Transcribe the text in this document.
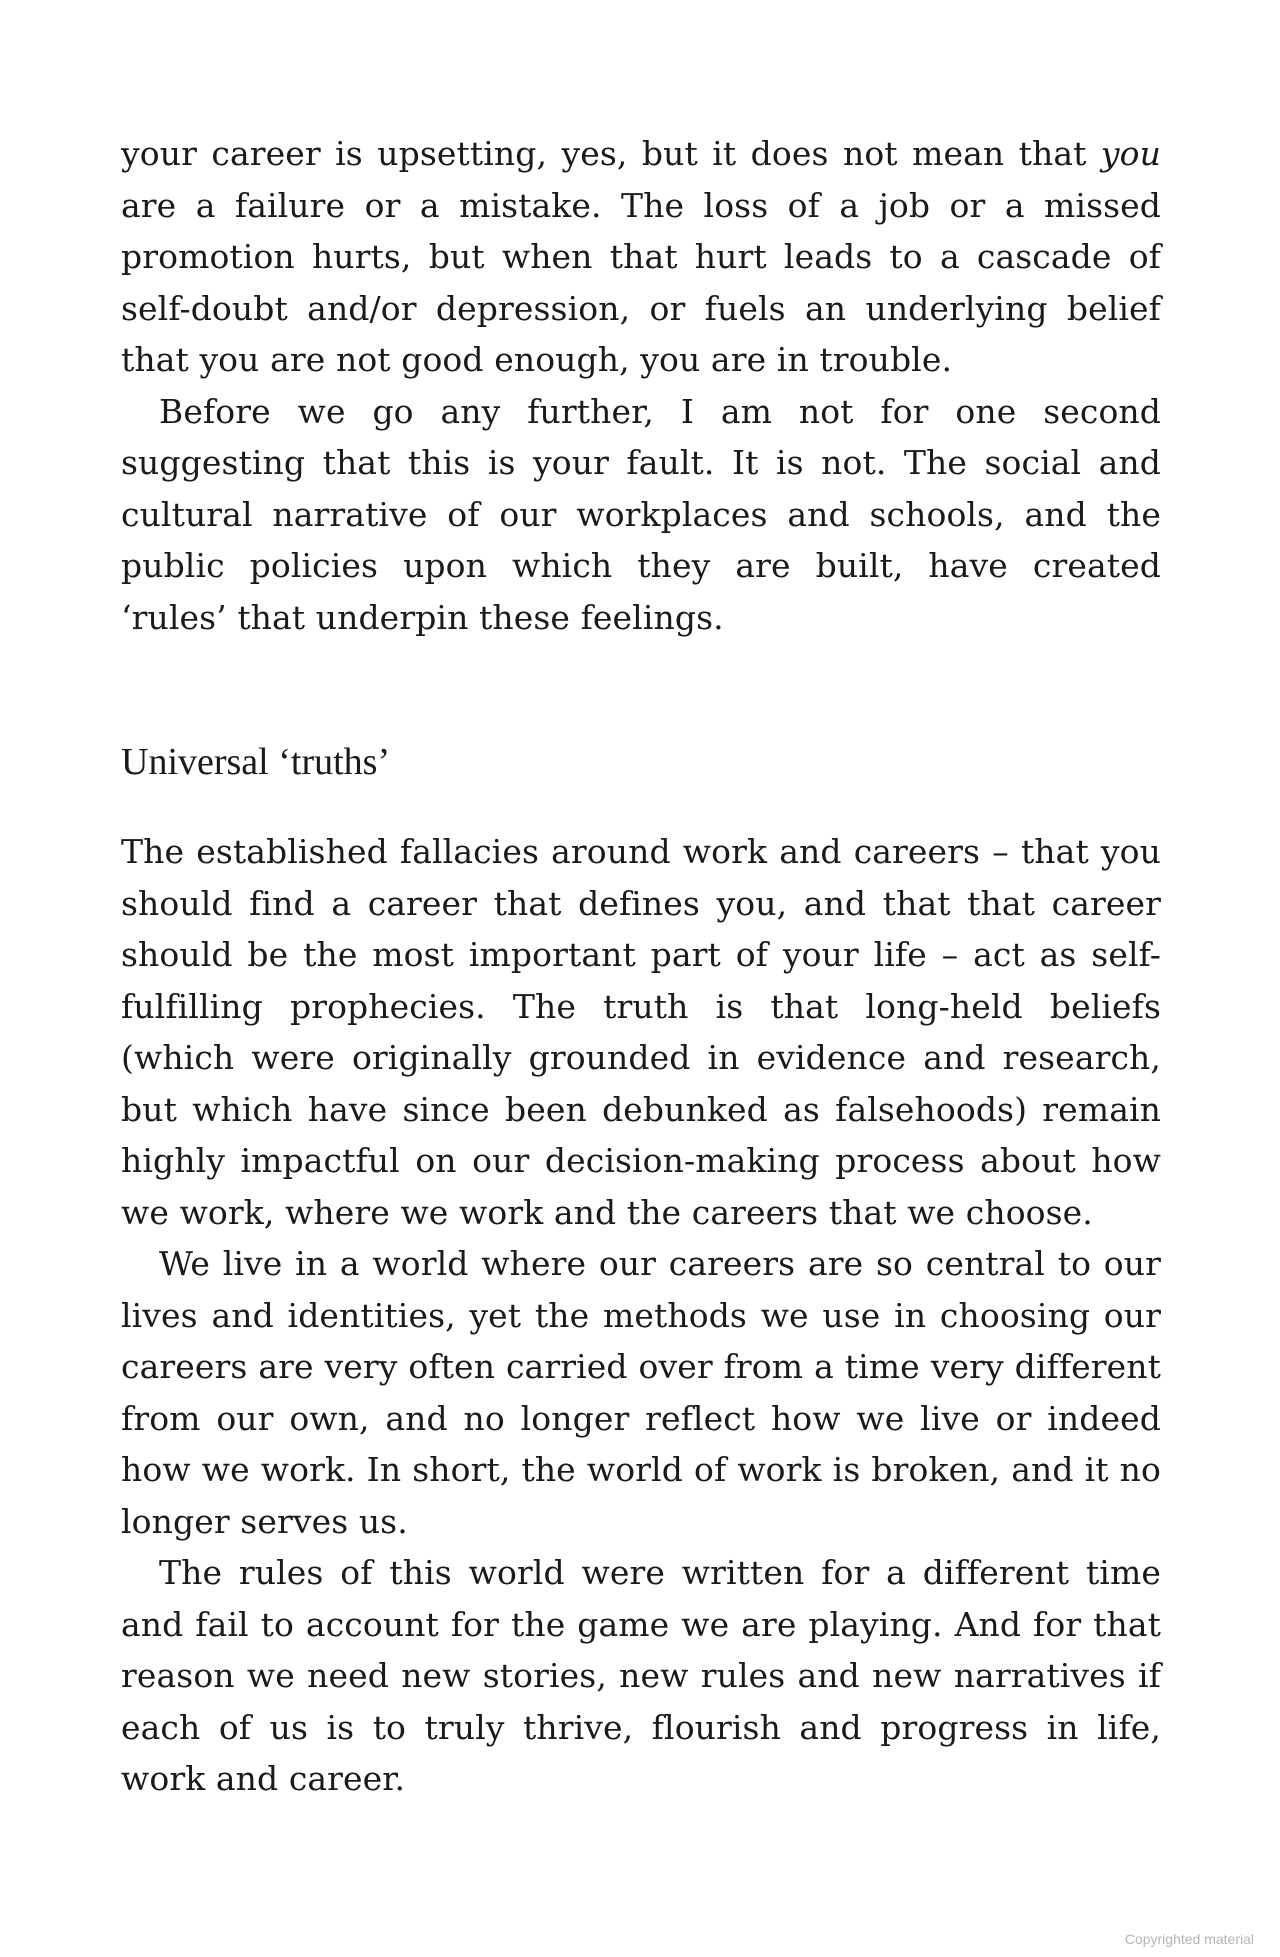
your career is upsetting, yes, but it does not mean that you are a failure or a mistake. The loss of a job or a missed promotion hurts, but when that hurt leads to a cascade of self-doubt and/or depression, or fuels an underlying belief that you are not good enough, you are in trouble.

Before we go any further, I am not for one second suggesting that this is your fault. It is not. The social and cultural narrative of our workplaces and schools, and the public policies upon which they are built, have created ‘rules’ that underpin these feelings.

Universal ‘truths’

The established fallacies around work and careers – that you should find a career that defines you, and that that career should be the most important part of your life – act as self-fulfilling prophecies. The truth is that long-held beliefs (which were originally grounded in evidence and research, but which have since been debunked as falsehoods) remain highly impactful on our decision-making process about how we work, where we work and the careers that we choose.

We live in a world where our careers are so central to our lives and identities, yet the methods we use in choosing our careers are very often carried over from a time very different from our own, and no longer reflect how we live or indeed how we work. In short, the world of work is broken, and it no longer serves us.

The rules of this world were written for a different time and fail to account for the game we are playing. And for that reason we need new stories, new rules and new narratives if each of us is to truly thrive, flourish and progress in life, work and career.

Copyrighted material
